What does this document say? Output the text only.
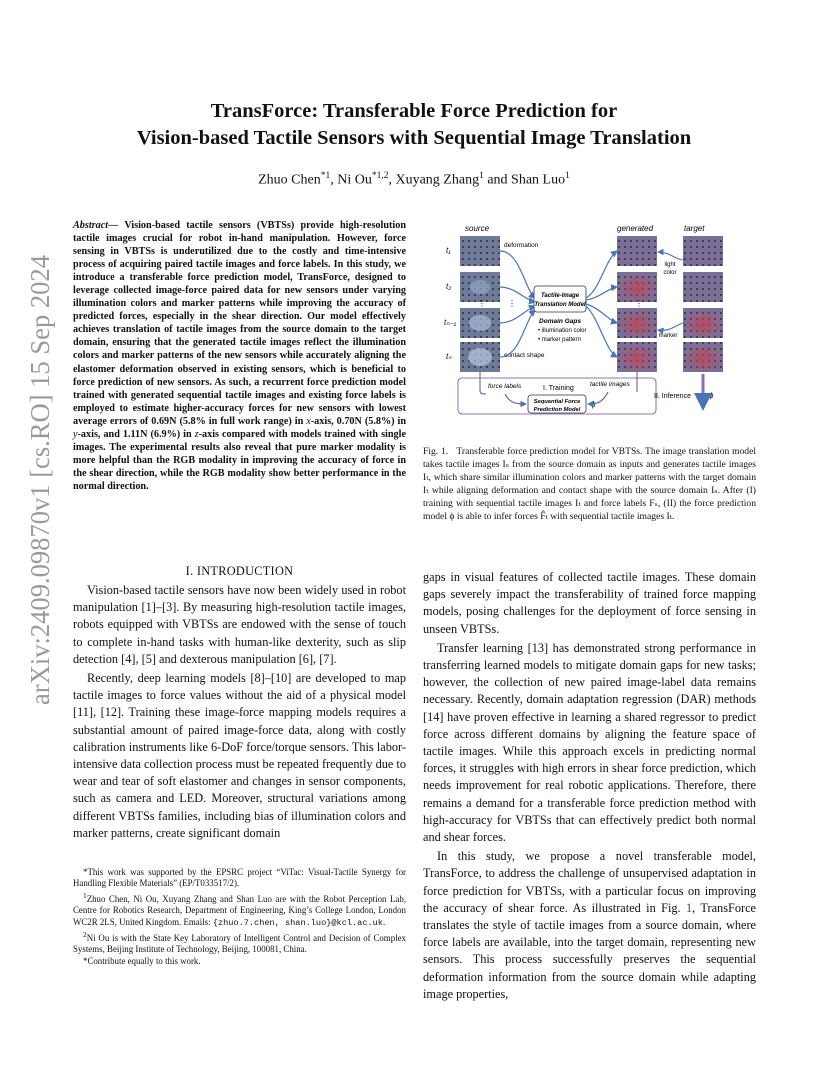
arXiv:2409.09870v1 [cs.RO] 15 Sep 2024
TransForce: Transferable Force Prediction for
Vision-based Tactile Sensors with Sequential Image Translation
Zhuo Chen$^{*1}$, Ni Ou$^{*1,2}$, Xuyang Zhang$^1$ and Shan Luo$^1$
Abstract— Vision-based tactile sensors (VBTSs) provide high-resolution tactile images crucial for robot in-hand manipulation. However, force sensing in VBTSs is underutilized due to the costly and time-intensive process of acquiring paired tactile images and force labels. In this study, we introduce a transferable force prediction model, TransForce, designed to leverage collected image-force paired data for new sensors under varying illumination colors and marker patterns while improving the accuracy of predicted forces, especially in the shear direction. Our model effectively achieves translation of tactile images from the source domain to the target domain, ensuring that the generated tactile images reflect the illumination colors and marker patterns of the new sensors while accurately aligning the elastomer deformation observed in existing sensors, which is beneficial to force prediction of new sensors. As such, a recurrent force prediction model trained with generated sequential tactile images and existing force labels is employed to estimate higher-accuracy forces for new sensors with lowest average errors of 0.69N (5.8% in full work range) in x-axis, 0.70N (5.8%) in y-axis, and 1.11N (6.9%) in z-axis compared with models trained with single images. The experimental results also reveal that pure marker modality is more helpful than the RGB modality in improving the accuracy of force in the shear direction, while the RGB modality show better performance in the normal direction.
I. INTRODUCTION

Vision-based tactile sensors have now been widely used in robot manipulation [1]–[3]. By measuring high-resolution tactile images, robots equipped with VBTSs are endowed with the sense of touch to complete in-hand tasks with human-like dexterity, such as slip detection [4], [5] and dexterous manipulation [6], [7].

Recently, deep learning models [8]–[10] are developed to map tactile images to force values without the aid of a physical model [11], [12]. Training these image-force mapping models requires a substantial amount of paired image-force data, along with costly calibration instruments like 6-DoF force/torque sensors. This labor-intensive data collection process must be repeated frequently due to wear and tear of soft elastomer and changes in sensor components, such as camera and LED. Moreover, structural variations among different VBTSs families, including bias of illumination colors and marker patterns, create significant domain

*This work was supported by the EPSRC project “ViTac: Visual-Tactile Synergy for Handling Flexible Materials” (EP/T033517/2).

$^1$Zhuo Chen, Ni Ou, Xuyang Zhang and Shan Luo are with the Robot Perception Lab, Centre for Robotics Research, Department of Engineering, King’s College London, London WC2R 2LS, United Kingdom. Emails: {zhuo.7.chen, shan.luo}@kcl.ac.uk.

$^2$Ni Ou is with the State Key Laboratory of Intelligent Control and Decision of Complex Systems, Beijing Institute of Technology, Beijing, 100081, China.

*Contribute equally to this work.

source	generated	target
t₁
t₂
tₙ₋₁
tₙ
⋮
deformation
contact shape
⋮
Tactile-Image
Translation Model
Domain Gaps
• illumination color
• marker pattern
⋮
light
color
marker
force labels	tactile images
I. Training
Sequential Force
Prediction Model
ϕ
II. Inference ϕ
Fig. 1. Transferable force prediction model for VBTSs. The image translation model takes tactile images Iₛ from the source domain as inputs and generates tactile images Iₜ, which share similar illumination colors and marker patterns with the target domain Iₜ while aligning deformation and contact shape with the source domain Iₛ. After (I) training with sequential tactile images Iₜ and force labels Fₛ, (II) the force prediction model ϕ is able to infer forces F̂ₜ with sequential tactile images Iₜ.

gaps in visual features of collected tactile images. These domain gaps severely impact the transferability of trained force mapping models, posing challenges for the deployment of force sensing in unseen VBTSs.

Transfer learning [13] has demonstrated strong performance in transferring learned models to mitigate domain gaps for new tasks; however, the collection of new paired image-label data remains necessary. Recently, domain adaptation regression (DAR) methods [14] have proven effective in learning a shared regressor to predict force across different domains by aligning the feature space of tactile images. While this approach excels in predicting normal forces, it struggles with high errors in shear force prediction, which needs improvement for real robotic applications. Therefore, there remains a demand for a transferable force prediction method with high-accuracy for VBTSs that can effectively predict both normal and shear forces.

In this study, we propose a novel transferable model, TransForce, to address the challenge of unsupervised adaptation in force prediction for VBTSs, with a particular focus on improving the accuracy of shear force. As illustrated in Fig. 1, TransForce translates the style of tactile images from a source domain, where force labels are available, into the target domain, representing new sensors. This process successfully preserves the sequential deformation information from the source domain while adapting image properties,
